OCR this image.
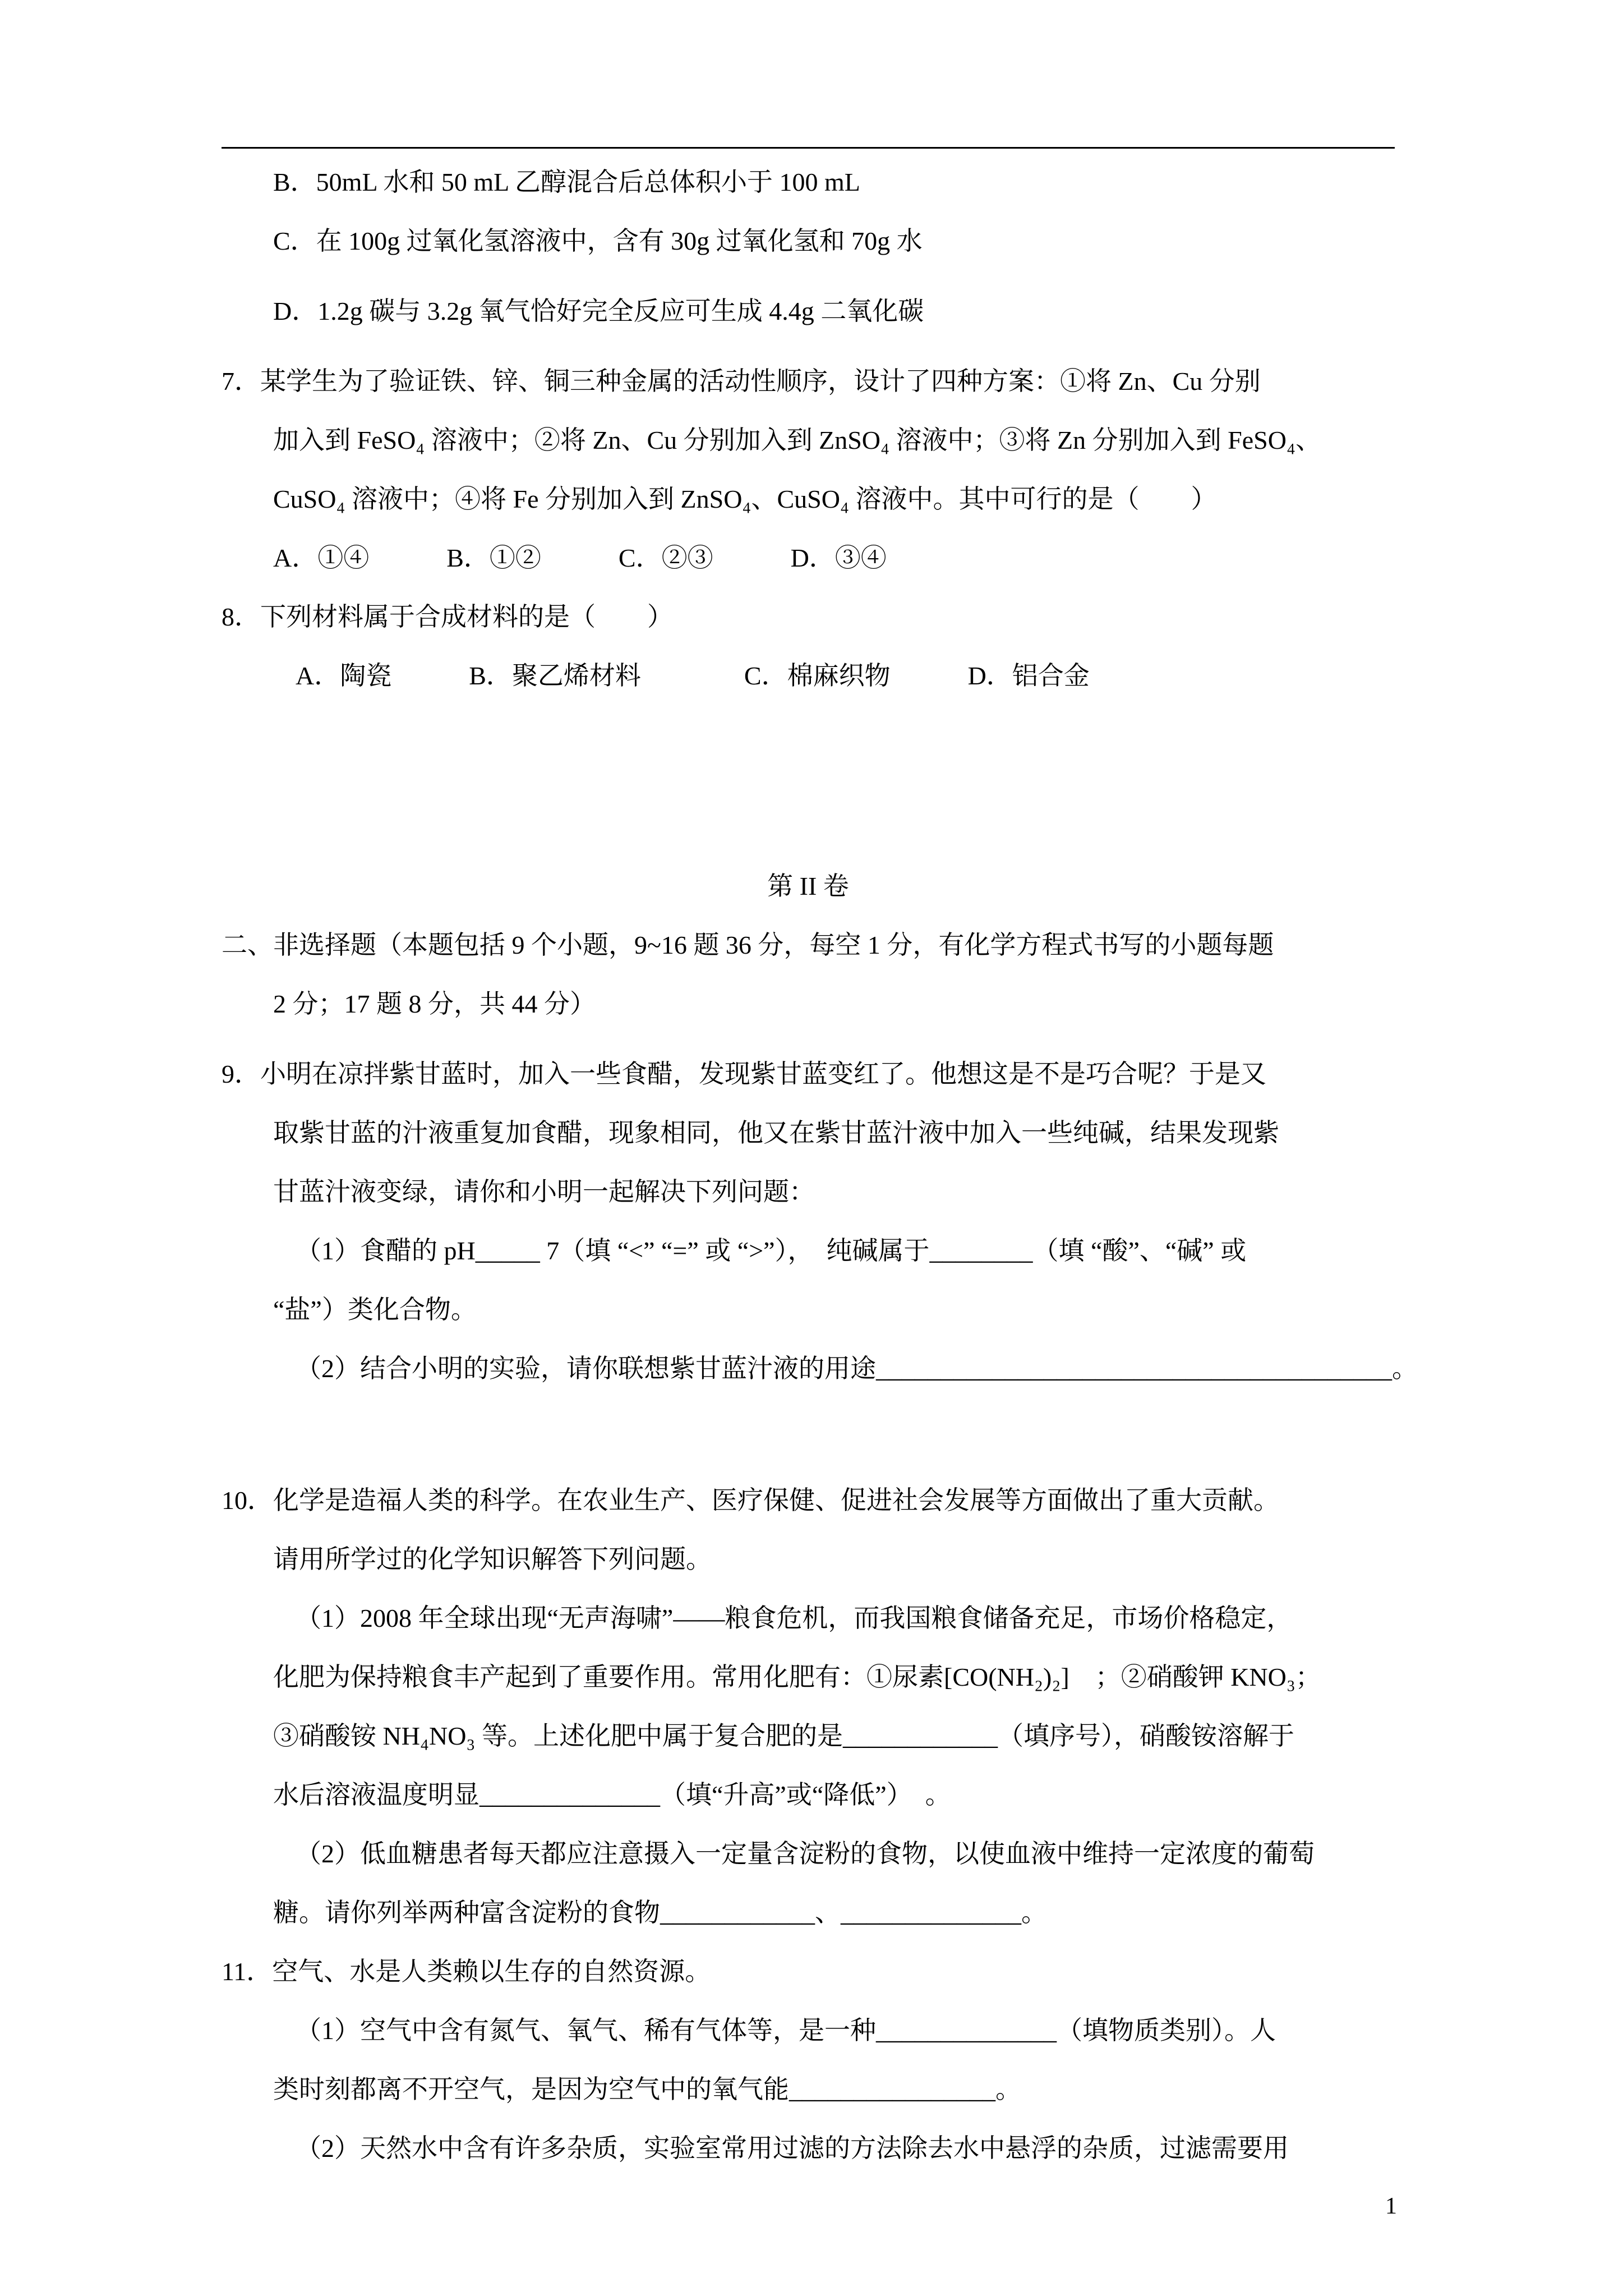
B．50mL 水和 50 mL 乙醇混合后总体积小于 100 mL

C．在 100g 过氧化氢溶液中，含有 30g 过氧化氢和 70g 水

D．1.2g 碳与 3.2g 氧气恰好完全反应可生成 4.4g 二氧化碳

7．某学生为了验证铁、锌、铜三种金属的活动性顺序，设计了四种方案：①将 Zn、Cu 分别

加入到 FeSO₄ 溶液中；②将 Zn、Cu 分别加入到 ZnSO₄ 溶液中；③将 Zn 分别加入到 FeSO₄、

CuSO₄ 溶液中；④将 Fe 分别加入到 ZnSO₄、CuSO₄ 溶液中。其中可行的是（　　）

A．①④　　　B．①②　　　C．②③　　　D．③④

8．下列材料属于合成材料的是（　　）

A．陶瓷　　　B．聚乙烯材料　　　　C．棉麻织物　　　D．铝合金

第 II 卷

二、非选择题（本题包括 9 个小题，9~16 题 36 分，每空 1 分，有化学方程式书写的小题每题

2 分；17 题 8 分，共 44 分）

9．小明在凉拌紫甘蓝时，加入一些食醋，发现紫甘蓝变红了。他想这是不是巧合呢？于是又

取紫甘蓝的汁液重复加食醋，现象相同，他又在紫甘蓝汁液中加入一些纯碱，结果发现紫

甘蓝汁液变绿，请你和小明一起解决下列问题：

（1）食醋的 pH_____ 7（填 “<” “=” 或 “>”），　纯碱属于________（填 “酸”、“碱” 或

“盐”）类化合物。

（2）结合小明的实验，请你联想紫甘蓝汁液的用途________________________________________。

10．化学是造福人类的科学。在农业生产、医疗保健、促进社会发展等方面做出了重大贡献。

请用所学过的化学知识解答下列问题。

（1）2008 年全球出现“无声海啸”——粮食危机，而我国粮食储备充足，市场价格稳定，

化肥为保持粮食丰产起到了重要作用。常用化肥有：①尿素[CO(NH₂)₂]　；②硝酸钾 KNO₃；

③硝酸铵 NH₄NO₃ 等。上述化肥中属于复合肥的是____________（填序号），硝酸铵溶解于

水后溶液温度明显______________（填“升高”或“降低”）　。

（2）低血糖患者每天都应注意摄入一定量含淀粉的食物，以使血液中维持一定浓度的葡萄

糖。请你列举两种富含淀粉的食物____________、______________。

11．空气、水是人类赖以生存的自然资源。

（1）空气中含有氮气、氧气、稀有气体等，是一种______________（填物质类别）。人

类时刻都离不开空气，是因为空气中的氧气能________________。

（2）天然水中含有许多杂质，实验室常用过滤的方法除去水中悬浮的杂质，过滤需要用

1
